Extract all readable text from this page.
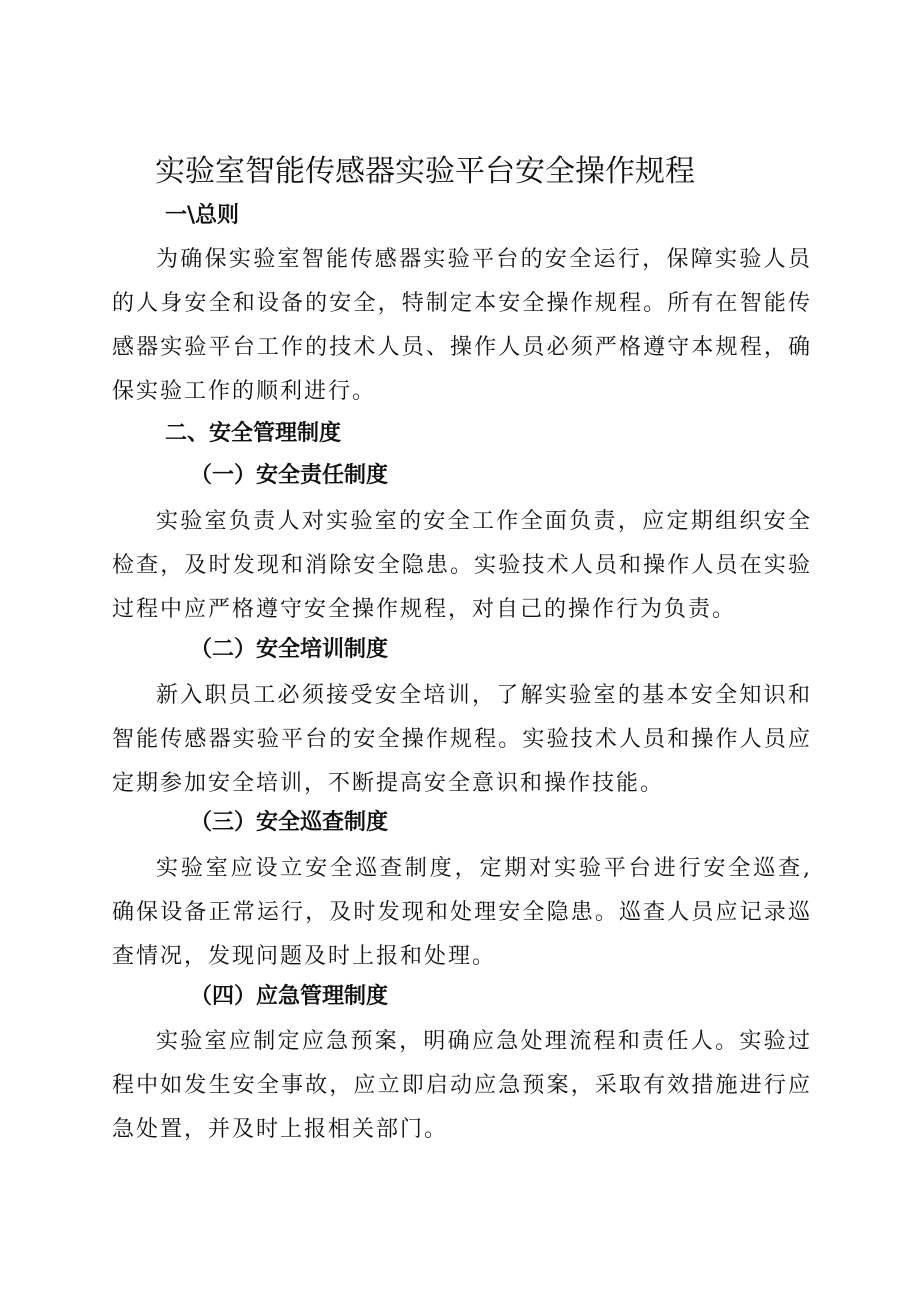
实验室智能传感器实验平台安全操作规程
一\总则

为确保实验室智能传感器实验平台的安全运行，保障实验人员的人身安全和设备的安全，特制定本安全操作规程。所有在智能传感器实验平台工作的技术人员、操作人员必须严格遵守本规程，确保实验工作的顺利进行。

二、安全管理制度
（一）安全责任制度

实验室负责人对实验室的安全工作全面负责，应定期组织安全检查，及时发现和消除安全隐患。实验技术人员和操作人员在实验过程中应严格遵守安全操作规程，对自己的操作行为负责。

（二）安全培训制度

新入职员工必须接受安全培训，了解实验室的基本安全知识和智能传感器实验平台的安全操作规程。实验技术人员和操作人员应定期参加安全培训，不断提高安全意识和操作技能。

（三）安全巡查制度

实验室应设立安全巡查制度，定期对实验平台进行安全巡查,确保设备正常运行，及时发现和处理安全隐患。巡查人员应记录巡查情况，发现问题及时上报和处理。

（四）应急管理制度

实验室应制定应急预案，明确应急处理流程和责任人。实验过程中如发生安全事故，应立即启动应急预案，采取有效措施进行应急处置，并及时上报相关部门。
